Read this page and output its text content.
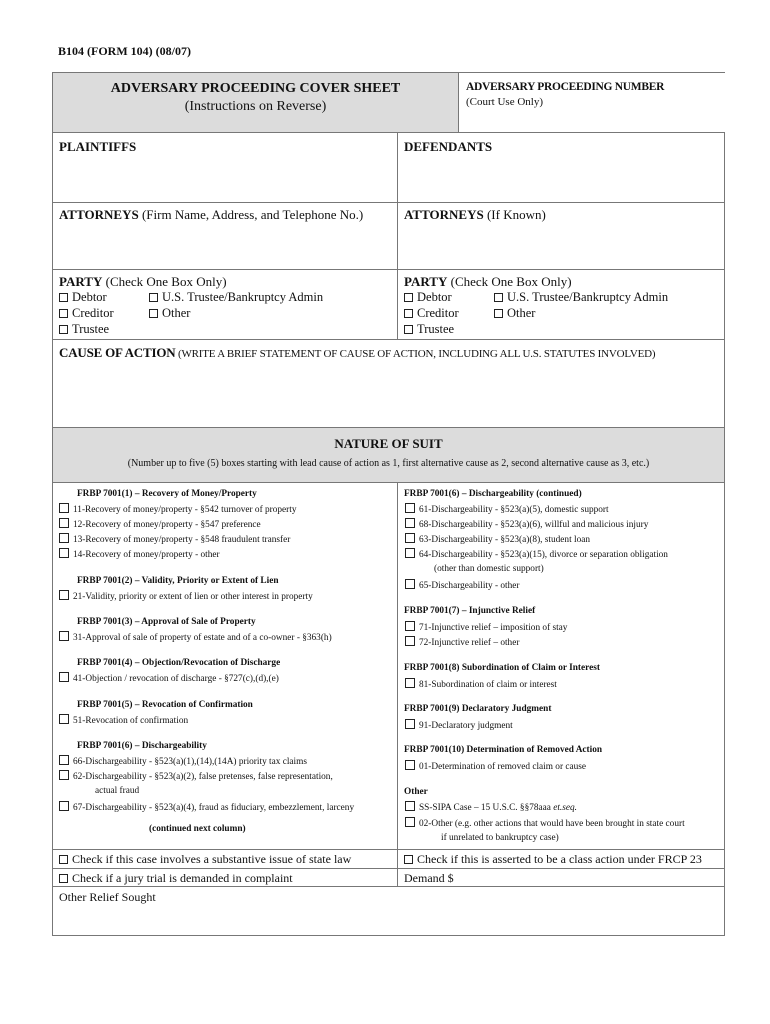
B104 (FORM 104) (08/07)
ADVERSARY PROCEEDING COVER SHEET
(Instructions on Reverse)
ADVERSARY PROCEEDING NUMBER
(Court Use Only)
PLAINTIFFS	DEFENDANTS
ATTORNEYS (Firm Name, Address, and Telephone No.)	ATTORNEYS (If Known)
PARTY (Check One Box Only)
Debtor	U.S. Trustee/Bankruptcy Admin
Creditor	Other
Trustee
PARTY (Check One Box Only)
Debtor	U.S. Trustee/Bankruptcy Admin
Creditor	Other
Trustee
CAUSE OF ACTION (WRITE A BRIEF STATEMENT OF CAUSE OF ACTION, INCLUDING ALL U.S. STATUTES INVOLVED)
NATURE OF SUIT
(Number up to five (5) boxes starting with lead cause of action as 1, first alternative cause as 2, second alternative cause as 3, etc.)
FRBP 7001(1) – Recovery of Money/Property
11-Recovery of money/property - §542 turnover of property
12-Recovery of money/property - §547 preference
13-Recovery of money/property - §548 fraudulent transfer
14-Recovery of money/property - other
FRBP 7001(2) – Validity, Priority or Extent of Lien
21-Validity, priority or extent of lien or other interest in property
FRBP 7001(3) – Approval of Sale of Property
31-Approval of sale of property of estate and of a co-owner - §363(h)
FRBP 7001(4) – Objection/Revocation of Discharge
41-Objection / revocation of discharge - §727(c),(d),(e)
FRBP 7001(5) – Revocation of Confirmation
51-Revocation of confirmation
FRBP 7001(6) – Dischargeability
66-Dischargeability - §523(a)(1),(14),(14A) priority tax claims
62-Dischargeability - §523(a)(2), false pretenses, false representation,
actual fraud
67-Dischargeability - §523(a)(4), fraud as fiduciary, embezzlement, larceny
(continued next column)
FRBP 7001(6) – Dischargeability (continued)
61-Dischargeability - §523(a)(5), domestic support
68-Dischargeability - §523(a)(6), willful and malicious injury
63-Dischargeability - §523(a)(8), student loan
64-Dischargeability - §523(a)(15), divorce or separation obligation
(other than domestic support)
65-Dischargeability - other
FRBP 7001(7) – Injunctive Relief
71-Injunctive relief – imposition of stay
72-Injunctive relief – other
FRBP 7001(8) Subordination of Claim or Interest
81-Subordination of claim or interest
FRBP 7001(9) Declaratory Judgment
91-Declaratory judgment
FRBP 7001(10) Determination of Removed Action
01-Determination of removed claim or cause
Other
SS-SIPA Case – 15 U.S.C. §§78aaa et.seq.
02-Other (e.g. other actions that would have been brought in state court
if unrelated to bankruptcy case)
Check if this case involves a substantive issue of state law	Check if this is asserted to be a class action under FRCP 23
Check if a jury trial is demanded in complaint	Demand $
Other Relief Sought
